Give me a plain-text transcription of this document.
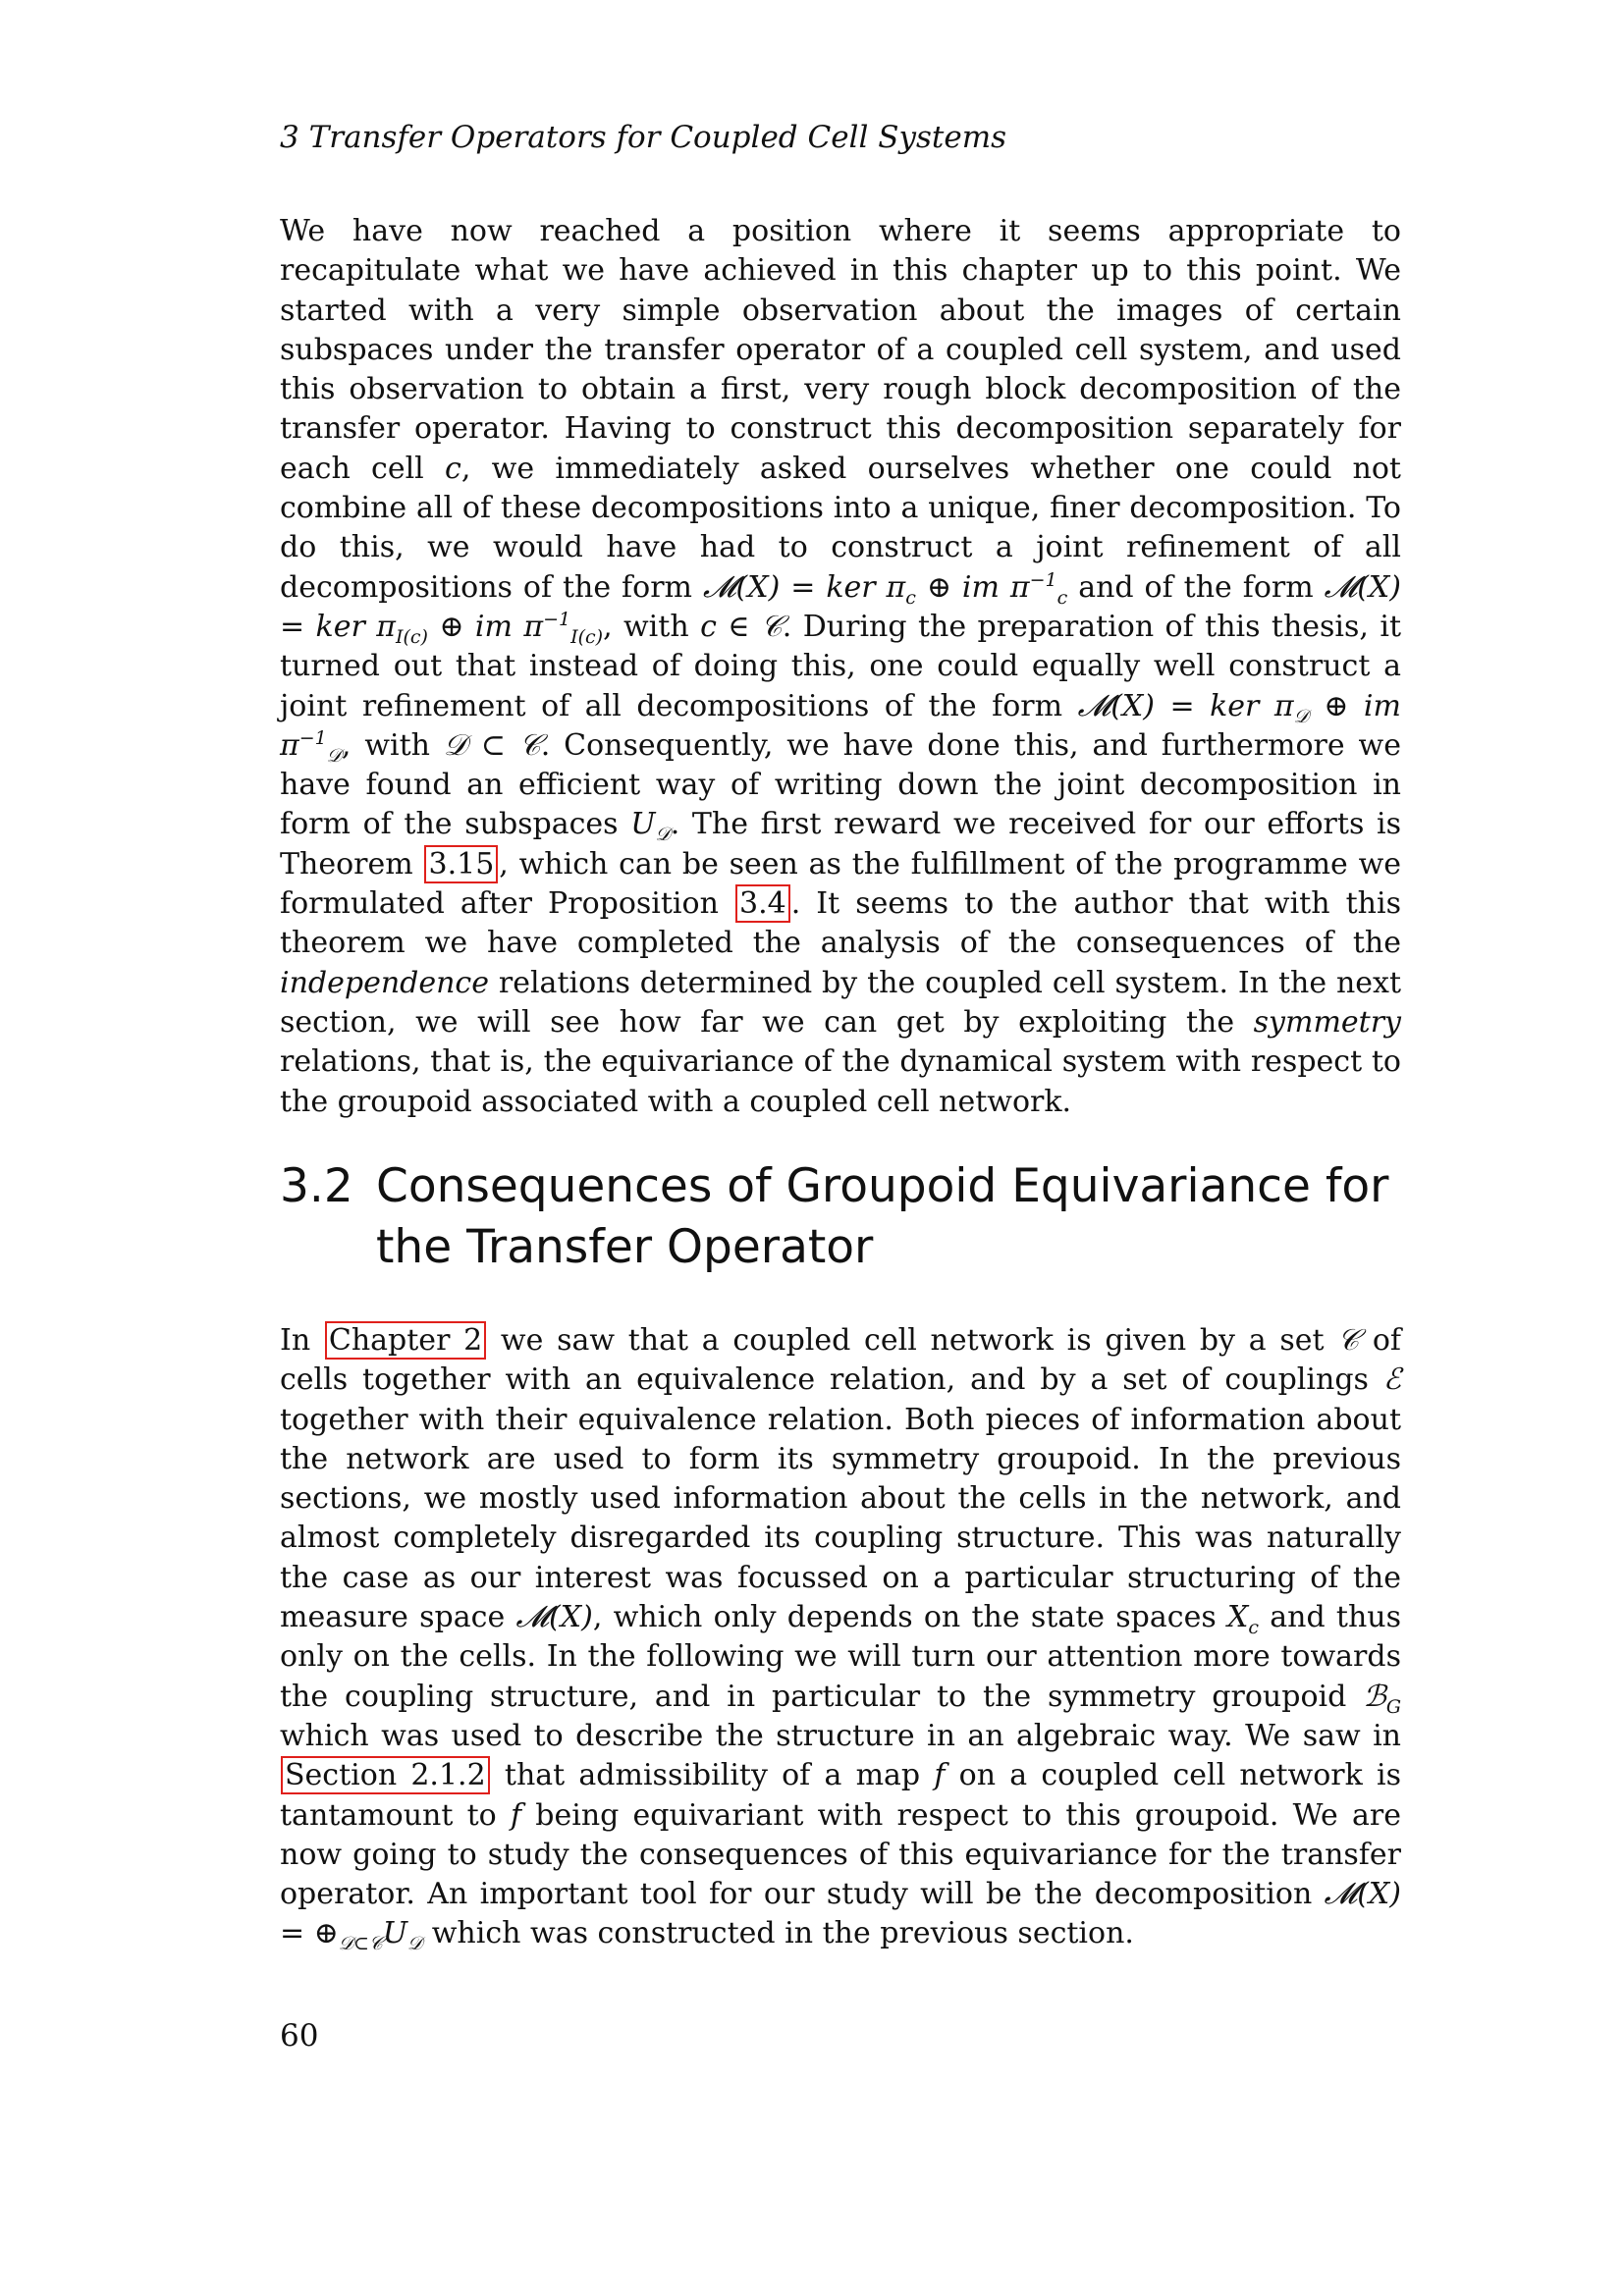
3 Transfer Operators for Coupled Cell Systems

We have now reached a position where it seems appropriate to recapitulate what we have achieved in this chapter up to this point. We started with a very simple observation about the images of certain subspaces under the transfer operator of a coupled cell system, and used this observation to obtain a first, very rough block decomposition of the transfer operator. Having to construct this decomposition separately for each cell c, we immediately asked ourselves whether one could not combine all of these decompositions into a unique, finer decomposition. To do this, we would have had to construct a joint refinement of all decompositions of the form 𝓜(X) = ker $\pi_c$ ⊕ im $\pi^{-1}_c$ and of the form 𝓜(X) = ker $\pi_{I(c)}$ ⊕ im $\pi^{-1}_{I(c)}$, with c ∈ 𝒞. During the preparation of this thesis, it turned out that instead of doing this, one could equally well construct a joint refinement of all decompositions of the form 𝓜(X) = ker $\pi_𝒟$ ⊕ im $\pi^{-1}_𝒟$, with 𝒟 ⊂ 𝒞. Consequently, we have done this, and furthermore we have found an efficient way of writing down the joint decomposition in form of the subspaces $U_𝒟$. The first reward we received for our efforts is Theorem 3.15 , which can be seen as the fulfillment of the programme we formulated after Proposition 3.4 . It seems to the author that with this theorem we have completed the analysis of the consequences of the independence relations determined by the coupled cell system. In the next section, we will see how far we can get by exploiting the symmetry relations, that is, the equivariance of the dynamical system with respect to the groupoid associated with a coupled cell network.

3.2 Consequences of Groupoid Equivariance for
the Transfer Operator

In Chapter 2 we saw that a coupled cell network is given by a set 𝒞 of cells together with an equivalence relation, and by a set of couplings ℰ together with their equivalence relation. Both pieces of information about the network are used to form its symmetry groupoid. In the previous sections, we mostly used information about the cells in the network, and almost completely disregarded its coupling structure. This was naturally the case as our interest was focussed on a particular structuring of the measure space 𝓜(X), which only depends on the state spaces $X_c$ and thus only on the cells. In the following we will turn our attention more towards the coupling structure, and in particular to the symmetry groupoid ℬ$_G$ which was used to describe the structure in an algebraic way. We saw in Section 2.1.2 that admissibility of a map f on a coupled cell network is tantamount to f being equivariant with respect to this groupoid. We are now going to study the consequences of this equivariance for the transfer operator. An important tool for our study will be the decomposition 𝓜(X) = $\oplus_{𝒟\subset 𝒞}U_𝒟$ which was constructed in the previous section.

60
